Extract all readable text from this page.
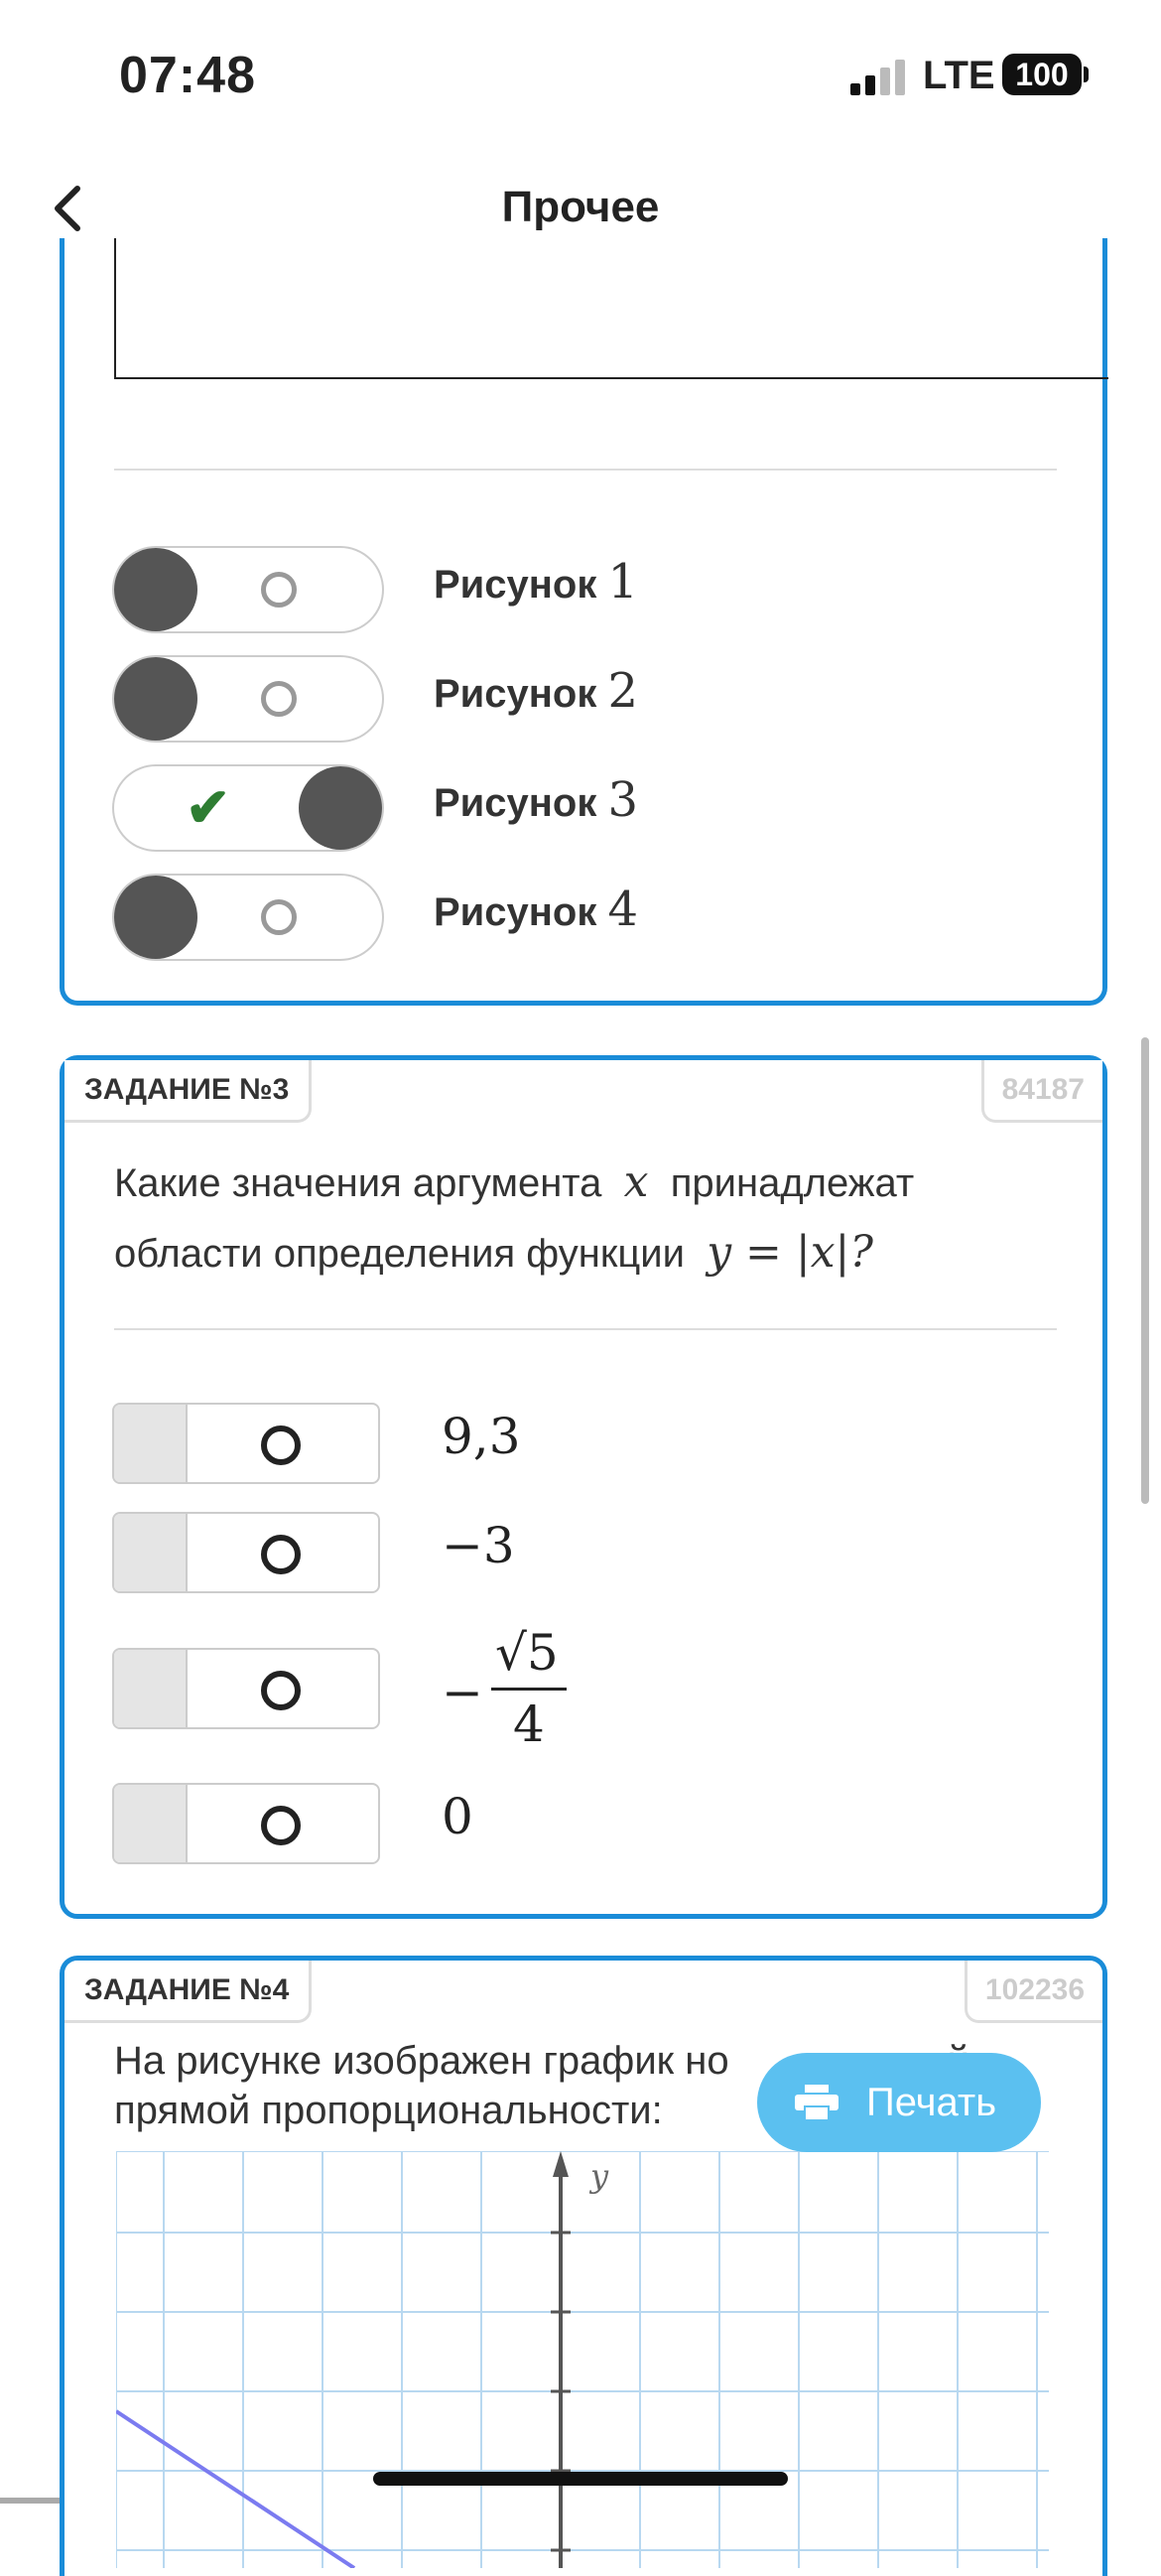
07:48	LTE 100
Прочее
Рисунок 1
Рисунок 2
✔	Рисунок 3
Рисунок 4
ЗАДАНИЕ №3	84187
Какие значения аргумента x принадлежат
области определения функции y = |x|?
9,3
−3
−
√5
4
0
ЗАДАНИЕ №4	102236
На рисунке изображен график но
прямой пропорциональности:
y
Печать
